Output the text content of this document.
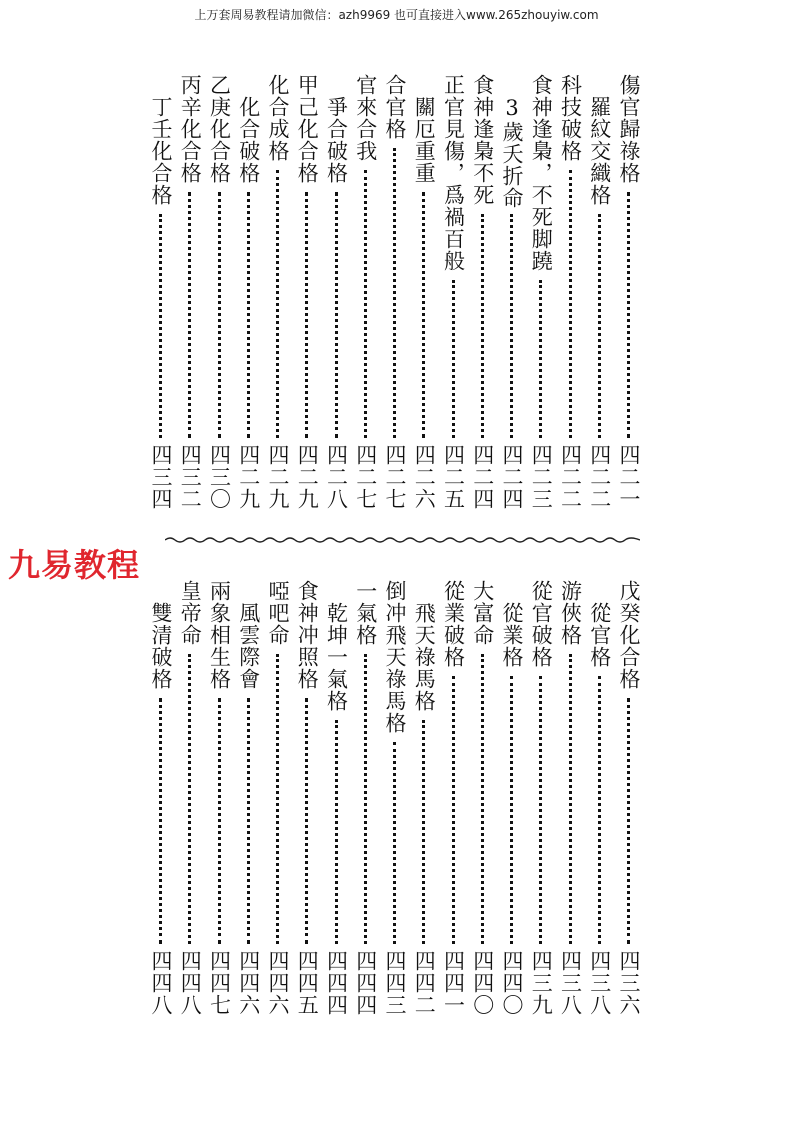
上万套周易教程请加微信：azh9969 也可直接进入www.265zhouyiw.com
傷官歸祿格
四二一
羅紋交織格
四二二
科技破格
四二二
食神逢梟，不死脚蹺
四二三
3歲夭折命
四二四
食神逢梟不死
四二四
正官見傷，爲禍百般
四二五
關厄重重
四二六
合官格
四二七
官來合我
四二七
爭合破格
四二八
甲己化合格
四二九
化合成格
四二九
化合破格
四二九
乙庚化合格
四三〇
丙辛化合格
四三二
丁壬化合格
四三四
九易教程
戊癸化合格
四三六
從官格
四三八
游俠格
四三八
從官破格
四三九
從業格
四四〇
大富命
四四〇
從業破格
四四一
飛天祿馬格
四四二
倒冲飛天祿馬格
四四三
一氣格
四四四
乾坤一氣格
四四四
食神冲照格
四四五
啞吧命
四四六
風雲際會
四四六
兩象相生格
四四七
皇帝命
四四八
雙清破格
四四八
